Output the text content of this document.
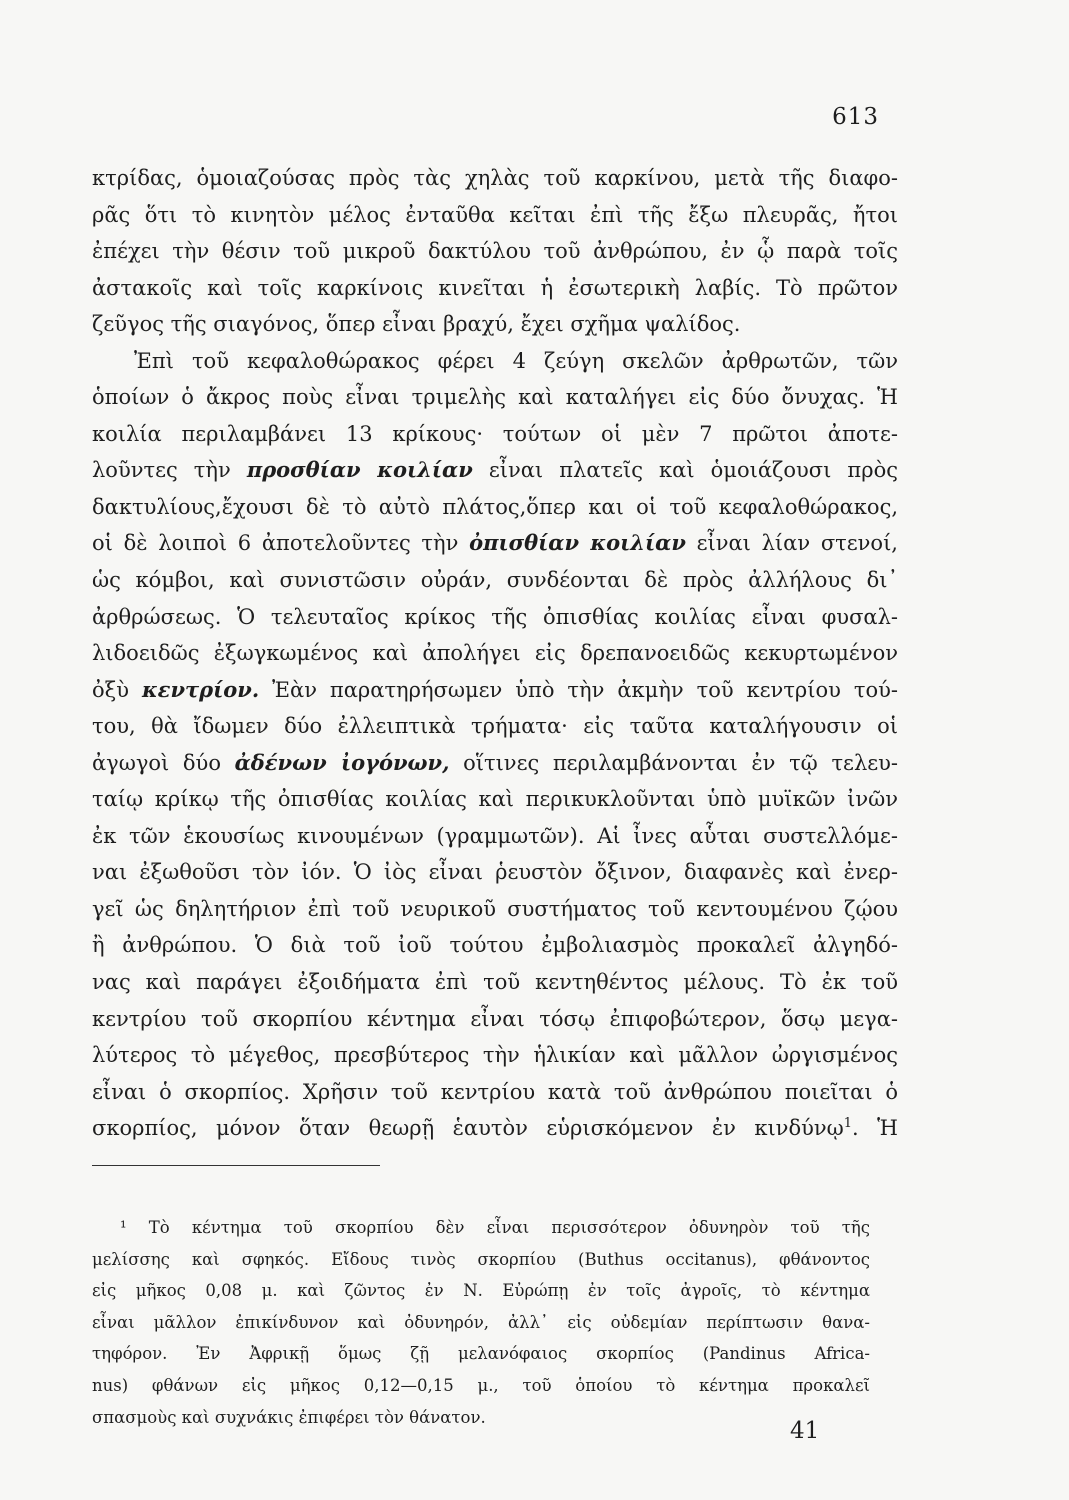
613
κτρίδας, ὁμοιαζούσας πρὸς τὰς χηλὰς τοῦ καρκίνου, μετὰ τῆς διαφο-
ρᾶς ὅτι τὸ κινητὸν μέλος ἐνταῦθα κεῖται ἐπὶ τῆς ἔξω πλευρᾶς, ἤτοι
ἐπέχει τὴν θέσιν τοῦ μικροῦ δακτύλου τοῦ ἀνθρώπου, ἐν ᾧ παρὰ τοῖς
ἀστακοῖς καὶ τοῖς καρκίνοις κινεῖται ἡ ἐσωτερικὴ λαβίς. Τὸ πρῶτον
ζεῦγος τῆς σιαγόνος, ὅπερ εἶναι βραχύ, ἔχει σχῆμα ψαλίδος.
Ἐπὶ τοῦ κεφαλοθώρακος φέρει 4 ζεύγη σκελῶν ἀρθρωτῶν, τῶν
ὁποίων ὁ ἄκρος ποὺς εἶναι τριμελὴς καὶ καταλήγει εἰς δύο ὄνυχας. Ἡ
κοιλία περιλαμβάνει 13 κρίκους· τούτων οἱ μὲν 7 πρῶτοι ἀποτε-
λοῦντες τὴν προσθίαν κοιλίαν εἶναι πλατεῖς καὶ ὁμοιάζουσι πρὸς
δακτυλίους,ἔχουσι δὲ τὸ αὐτὸ πλάτος,ὅπερ και οἱ τοῦ κεφαλοθώρακος,
οἱ δὲ λοιποὶ 6 ἀποτελοῦντες τὴν ὀπισθίαν κοιλίαν εἶναι λίαν στενοί,
ὡς κόμβοι, καὶ συνιστῶσιν οὐράν, συνδέονται δὲ πρὸς ἀλλήλους δι᾽
ἀρθρώσεως. Ὁ τελευταῖος κρίκος τῆς ὀπισθίας κοιλίας εἶναι φυσαλ-
λιδοειδῶς ἐξωγκωμένος καὶ ἀπολήγει εἰς δρεπανοειδῶς κεκυρτωμένον
ὀξὺ κεντρίον. Ἐὰν παρατηρήσωμεν ὑπὸ τὴν ἀκμὴν τοῦ κεντρίου τού-
του, θὰ ἴδωμεν δύο ἐλλειπτικὰ τρήματα· εἰς ταῦτα καταλήγουσιν οἱ
ἀγωγοὶ δύο ἀδένων ἰογόνων, οἵτινες περιλαμβάνονται ἐν τῷ τελευ-
ταίῳ κρίκῳ τῆς ὀπισθίας κοιλίας καὶ περικυκλοῦνται ὑπὸ μυϊκῶν ἰνῶν
ἐκ τῶν ἑκουσίως κινουμένων (γραμμωτῶν). Αἱ ἶνες αὗται συστελλόμε-
ναι ἐξωθοῦσι τὸν ἰόν. Ὁ ἰὸς εἶναι ῥευστὸν ὄξινον, διαφανὲς καὶ ἐνερ-
γεῖ ὡς δηλητήριον ἐπὶ τοῦ νευρικοῦ συστήματος τοῦ κεντουμένου ζῴου
ἢ ἀνθρώπου. Ὁ διὰ τοῦ ἰοῦ τούτου ἐμβολιασμὸς προκαλεῖ ἀλγηδό-
νας καὶ παράγει ἐξοιδήματα ἐπὶ τοῦ κεντηθέντος μέλους. Τὸ ἐκ τοῦ
κεντρίου τοῦ σκορπίου κέντημα εἶναι τόσῳ ἐπιφοβώτερον, ὅσῳ μεγα-
λύτερος τὸ μέγεθος, πρεσβύτερος τὴν ἡλικίαν καὶ μᾶλλον ὠργισμένος
εἶναι ὁ σκορπίος. Χρῆσιν τοῦ κεντρίου κατὰ τοῦ ἀνθρώπου ποιεῖται ὁ
σκορπίος, μόνον ὅταν θεωρῇ ἑαυτὸν εὑρισκόμενον ἐν κινδύνῳ$^1$. Ἡ
¹ Τὸ κέντημα τοῦ σκορπίου δὲν εἶναι περισσότερον ὀδυνηρὸν τοῦ τῆς
μελίσσης καὶ σφηκός. Εἴδους τινὸς σκορπίου (Buthus occitanus), φθάνοντος
εἰς μῆκος 0,08 μ. καὶ ζῶντος ἐν Ν. Εὐρώπῃ ἐν τοῖς ἀγροῖς, τὸ κέντημα
εἶναι μᾶλλον ἐπικίνδυνον καὶ ὀδυνηρόν, ἀλλ᾽ εἰς οὐδεμίαν περίπτωσιν θανα-
τηφόρον. Ἐν Ἀφρικῇ ὅμως ζῇ μελανόφαιος σκορπίος (Pandinus Africa-
nus) φθάνων εἰς μῆκος 0,12—0,15 μ., τοῦ ὁποίου τὸ κέντημα προκαλεῖ
σπασμοὺς καὶ συχνάκις ἐπιφέρει τὸν θάνατον.
41
